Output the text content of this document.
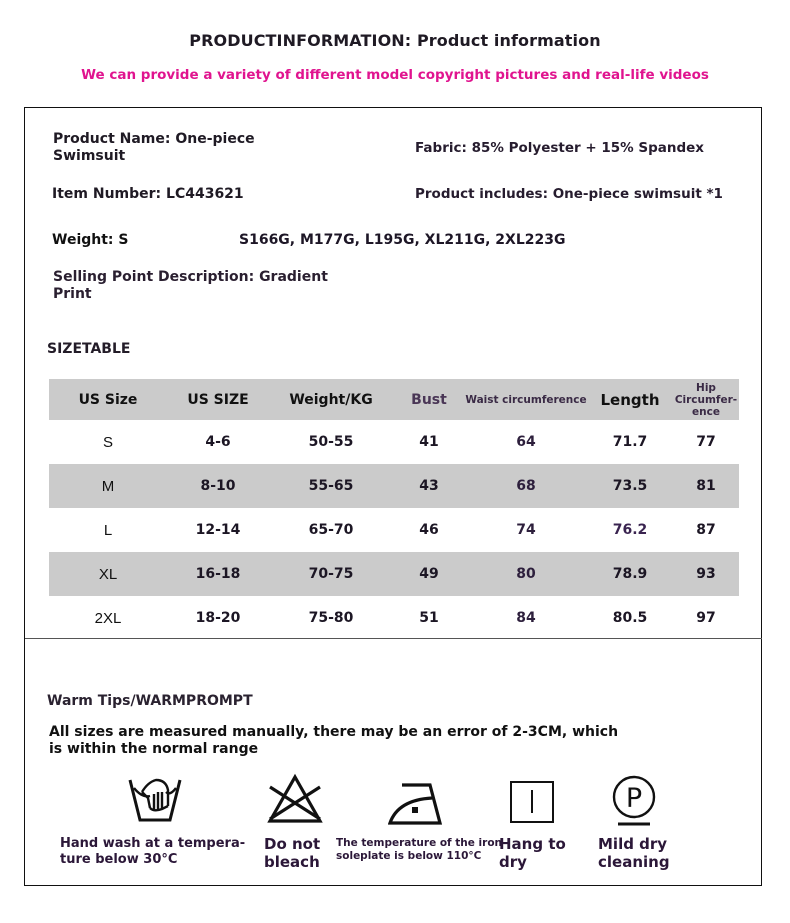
PRODUCTINFORMATION: Product information
We can provide a variety of different model copyright pictures and real-life videos
Product Name: One-piece
Swimsuit	Fabric: 85% Polyester + 15% Spandex
Item Number: LC443621	Product includes: One-piece swimsuit *1
Weight: S	S166G, M177G, L195G, XL211G, 2XL223G
Selling Point Description: Gradient
Print
SIZETABLE
US Size	US SIZE	Weight/KG	Bust	Waist circumference	Length	Hip Circumfer-ence
S	4-6	50-55	41	64	71.7	77
M	8-10	55-65	43	68	73.5	81
L	12-14	65-70	46	74	76.2	87
XL	16-18	70-75	49	80	78.9	93
2XL	18-20	75-80	51	84	80.5	97
Warm Tips/WARMPROMPT
All sizes are measured manually, there may be an error of 2-3CM, which
is within the normal range
P
Hand wash at a tempera-
ture below 30°C
Do not
bleach
The temperature of the iron
soleplate is below 110°C
Hang to
dry
Mild dry
cleaning
